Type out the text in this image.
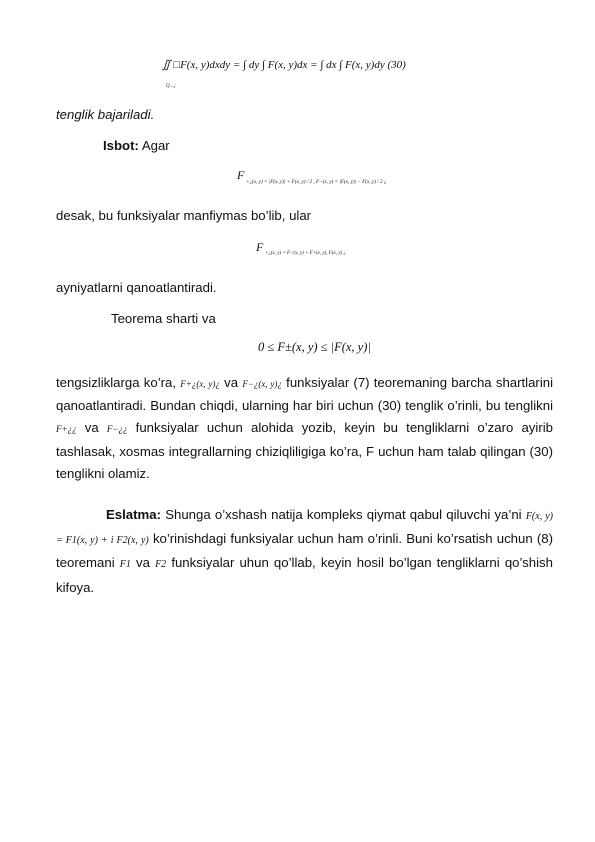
∬ □F(x, y)dxdy = ∫ dy ∫ F(x, y)dx = ∫ dx ∫ F(x, y)dy (30)
Q...¿
tenglik bajariladi.
Isbot: Agar
F +¿(x, y) = |F(x, y)| + F(x, y) / 2 , F−(x, y) = |F(x, y)| − F(x, y) / 2 ¿
desak, bu funksiyalar manfiymas bo’lib, ular
F +¿(x, y) = F−(x, y) + F+(x, y), F(x, y) ¿
ayniyatlarni qanoatlantiradi.
Teorema sharti va
0 ≤ F±(x, y) ≤ |F(x, y)|
tengsizliklarga ko’ra, F+¿(x, y)¿ va F−¿(x, y)¿ funksiyalar (7) teoremaning barcha shartlarini qanoatlantiradi. Bundan chiqdi, ularning har biri uchun (30) tenglik o’rinli, bu tenglikni F+¿¿ va F−¿¿ funksiyalar uchun alohida yozib, keyin bu tengliklarni o’zaro ayirib tashlasak, xosmas integrallarning chiziqliligiga ko’ra, F uchun ham talab qilingan (30) tenglikni olamiz.
Eslatma: Shunga o’xshash natija kompleks qiymat qabul qiluvchi ya’ni F(x, y) = F1(x, y) + i F2(x, y) ko’rinishdagi funksiyalar uchun ham o’rinli. Buni ko’rsatish uchun (8) teoremani F1 va F2 funksiyalar uhun qo’llab, keyin hosil bo’lgan tengliklarni qo’shish kifoya.
